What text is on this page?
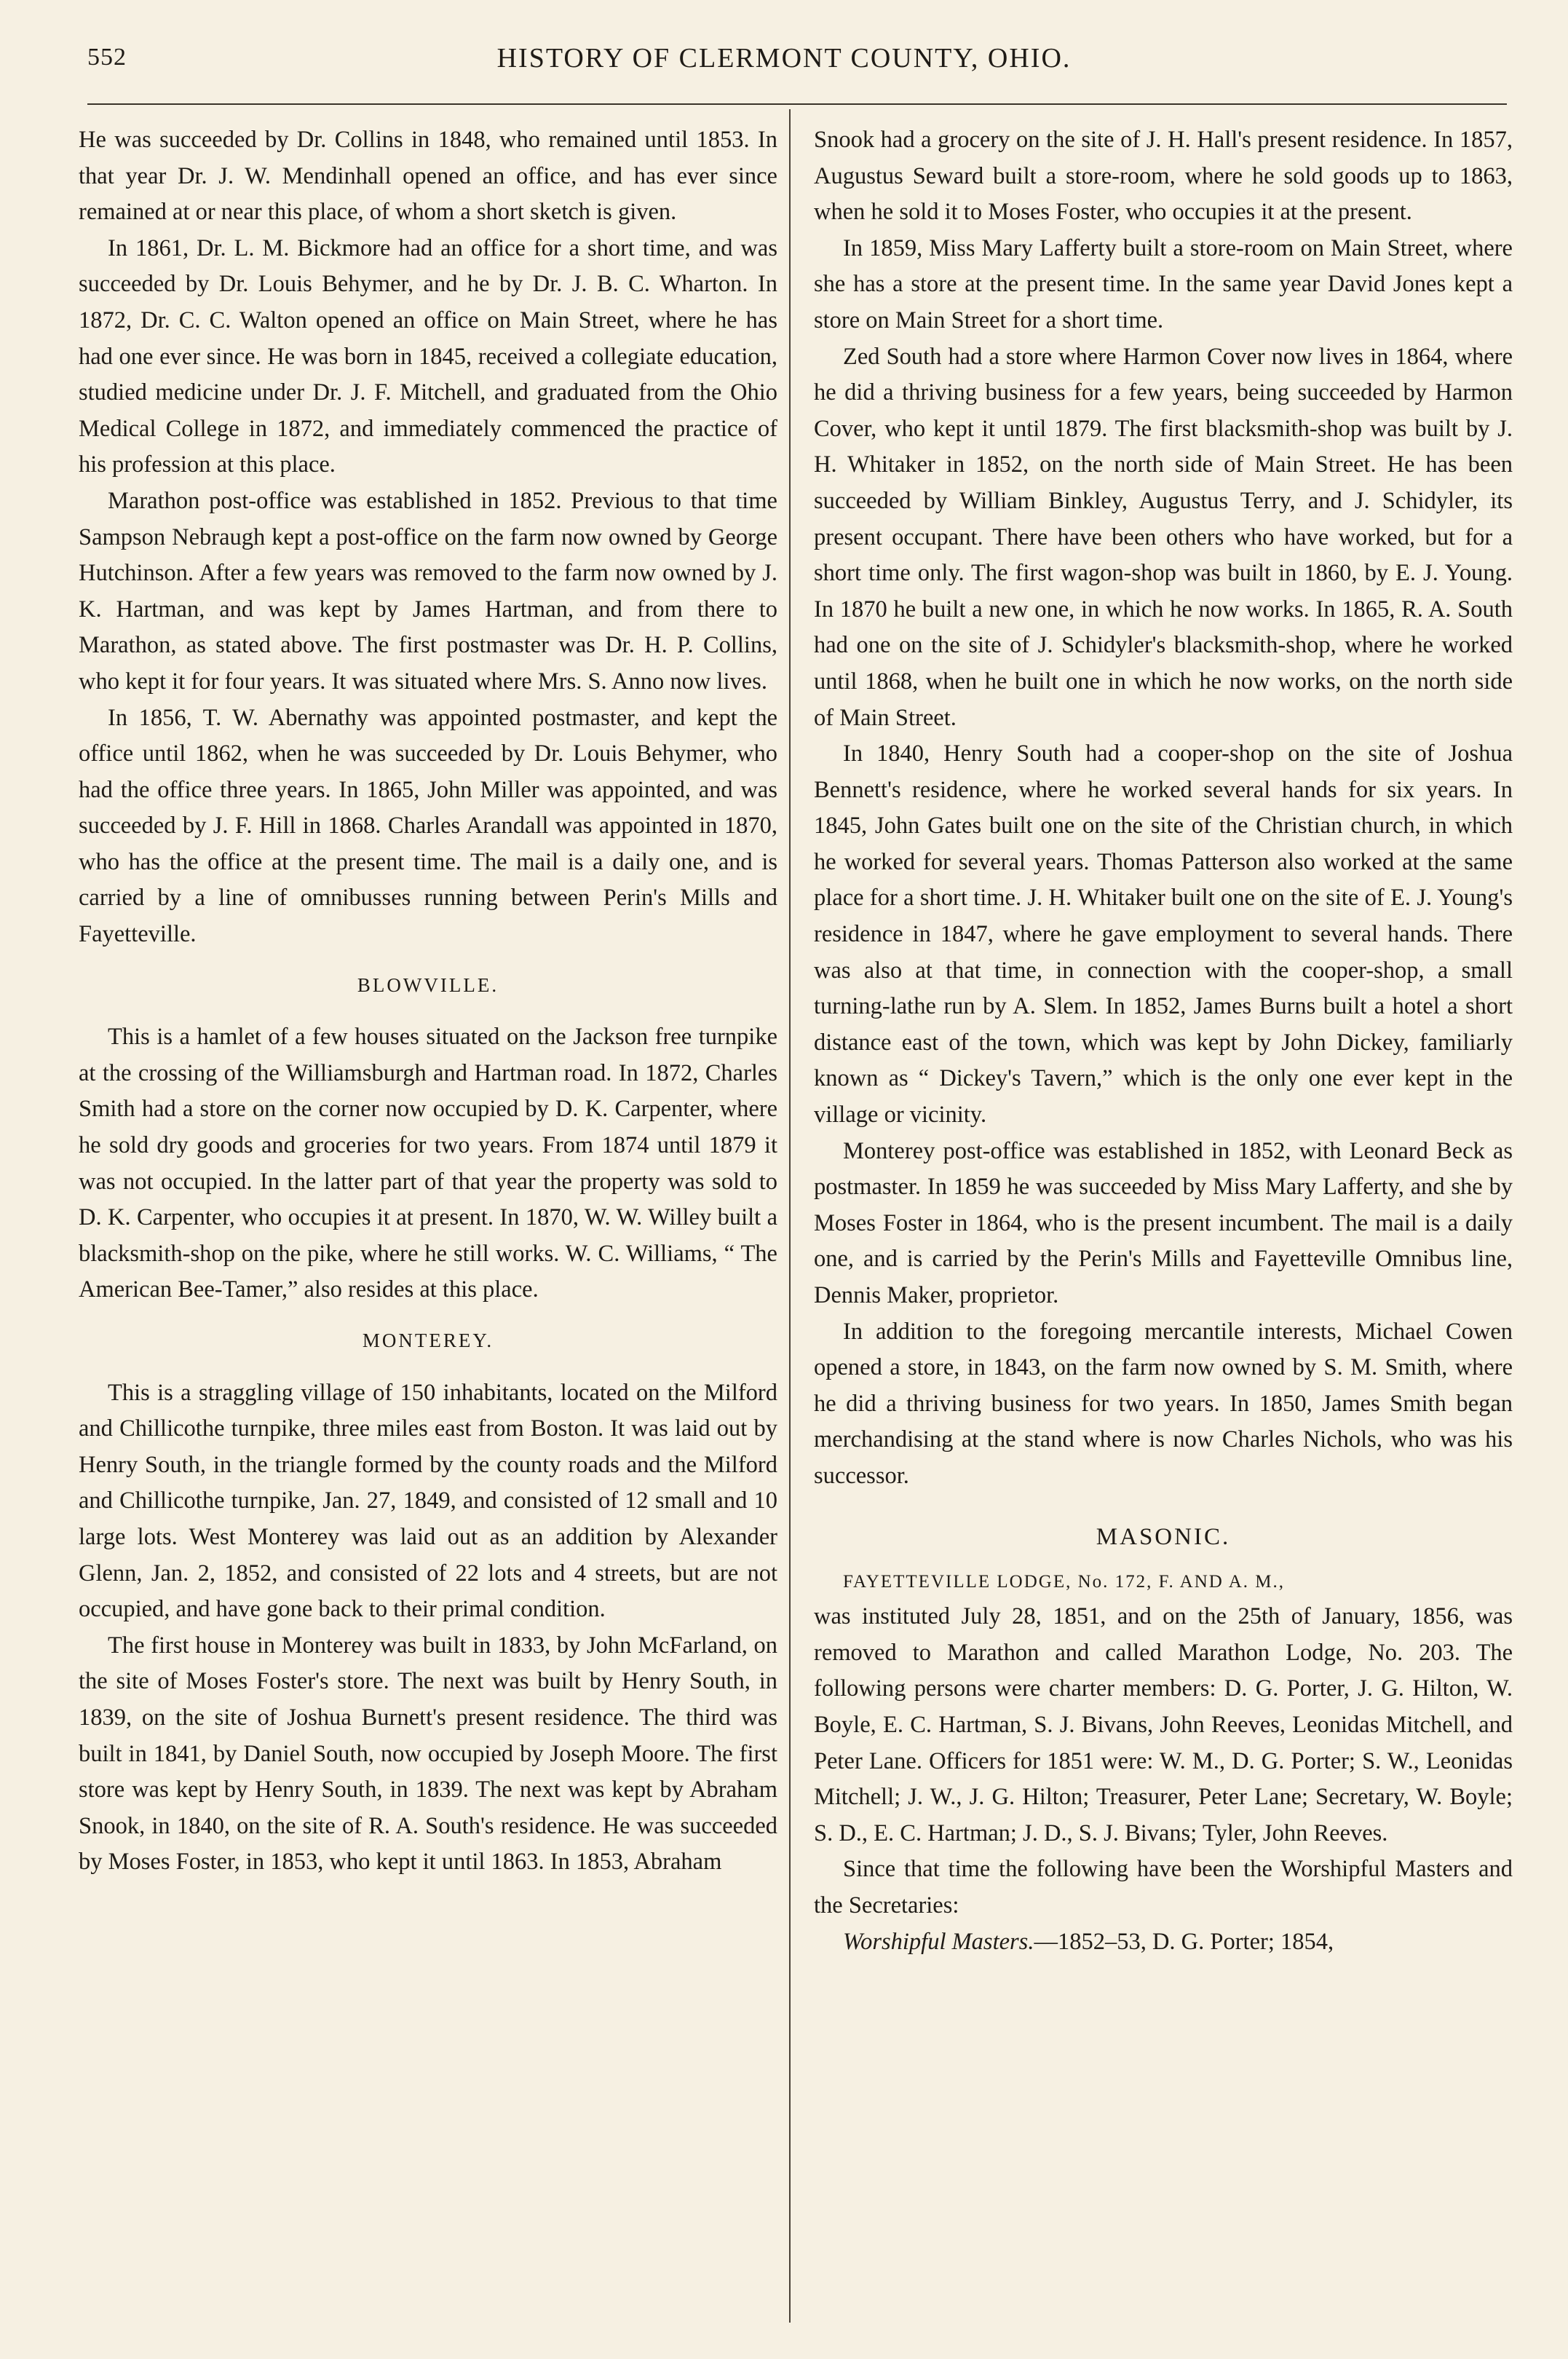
552	HISTORY OF CLERMONT COUNTY, OHIO.

He was succeeded by Dr. Collins in 1848, who remained until 1853. In that year Dr. J. W. Mendinhall opened an office, and has ever since remained at or near this place, of whom a short sketch is given.

In 1861, Dr. L. M. Bickmore had an office for a short time, and was succeeded by Dr. Louis Behymer, and he by Dr. J. B. C. Wharton. In 1872, Dr. C. C. Walton opened an office on Main Street, where he has had one ever since. He was born in 1845, received a collegiate education, studied medicine under Dr. J. F. Mitchell, and graduated from the Ohio Medical College in 1872, and immediately commenced the practice of his profession at this place.

Marathon post-office was established in 1852. Previous to that time Sampson Nebraugh kept a post-office on the farm now owned by George Hutchinson. After a few years was removed to the farm now owned by J. K. Hartman, and was kept by James Hartman, and from there to Marathon, as stated above. The first postmaster was Dr. H. P. Collins, who kept it for four years. It was situated where Mrs. S. Anno now lives.

In 1856, T. W. Abernathy was appointed postmaster, and kept the office until 1862, when he was succeeded by Dr. Louis Behymer, who had the office three years. In 1865, John Miller was appointed, and was succeeded by J. F. Hill in 1868. Charles Arandall was appointed in 1870, who has the office at the present time. The mail is a daily one, and is carried by a line of omnibusses running between Perin's Mills and Fayetteville.

BLOWVILLE.

This is a hamlet of a few houses situated on the Jackson free turnpike at the crossing of the Williamsburgh and Hartman road. In 1872, Charles Smith had a store on the corner now occupied by D. K. Carpenter, where he sold dry goods and groceries for two years. From 1874 until 1879 it was not occupied. In the latter part of that year the property was sold to D. K. Carpenter, who occupies it at present. In 1870, W. W. Willey built a blacksmith-shop on the pike, where he still works. W. C. Williams, “ The American Bee-Tamer,” also resides at this place.

MONTEREY.

This is a straggling village of 150 inhabitants, located on the Milford and Chillicothe turnpike, three miles east from Boston. It was laid out by Henry South, in the triangle formed by the county roads and the Milford and Chillicothe turnpike, Jan. 27, 1849, and consisted of 12 small and 10 large lots. West Monterey was laid out as an addition by Alexander Glenn, Jan. 2, 1852, and consisted of 22 lots and 4 streets, but are not occupied, and have gone back to their primal condition.

The first house in Monterey was built in 1833, by John McFarland, on the site of Moses Foster's store. The next was built by Henry South, in 1839, on the site of Joshua Burnett's present residence. The third was built in 1841, by Daniel South, now occupied by Joseph Moore. The first store was kept by Henry South, in 1839. The next was kept by Abraham Snook, in 1840, on the site of R. A. South's residence. He was succeeded by Moses Foster, in 1853, who kept it until 1863. In 1853, Abraham

Snook had a grocery on the site of J. H. Hall's present residence. In 1857, Augustus Seward built a store-room, where he sold goods up to 1863, when he sold it to Moses Foster, who occupies it at the present.

In 1859, Miss Mary Lafferty built a store-room on Main Street, where she has a store at the present time. In the same year David Jones kept a store on Main Street for a short time.

Zed South had a store where Harmon Cover now lives in 1864, where he did a thriving business for a few years, being succeeded by Harmon Cover, who kept it until 1879. The first blacksmith-shop was built by J. H. Whitaker in 1852, on the north side of Main Street. He has been succeeded by William Binkley, Augustus Terry, and J. Schidyler, its present occupant. There have been others who have worked, but for a short time only. The first wagon-shop was built in 1860, by E. J. Young. In 1870 he built a new one, in which he now works. In 1865, R. A. South had one on the site of J. Schidyler's blacksmith-shop, where he worked until 1868, when he built one in which he now works, on the north side of Main Street.

In 1840, Henry South had a cooper-shop on the site of Joshua Bennett's residence, where he worked several hands for six years. In 1845, John Gates built one on the site of the Christian church, in which he worked for several years. Thomas Patterson also worked at the same place for a short time. J. H. Whitaker built one on the site of E. J. Young's residence in 1847, where he gave employment to several hands. There was also at that time, in connection with the cooper-shop, a small turning-lathe run by A. Slem. In 1852, James Burns built a hotel a short distance east of the town, which was kept by John Dickey, familiarly known as “ Dickey's Tavern,” which is the only one ever kept in the village or vicinity.

Monterey post-office was established in 1852, with Leonard Beck as postmaster. In 1859 he was succeeded by Miss Mary Lafferty, and she by Moses Foster in 1864, who is the present incumbent. The mail is a daily one, and is carried by the Perin's Mills and Fayetteville Omnibus line, Dennis Maker, proprietor.

In addition to the foregoing mercantile interests, Michael Cowen opened a store, in 1843, on the farm now owned by S. M. Smith, where he did a thriving business for two years. In 1850, James Smith began merchandising at the stand where is now Charles Nichols, who was his successor.

MASONIC.

FAYETTEVILLE LODGE, No. 172, F. AND A. M.,

was instituted July 28, 1851, and on the 25th of January, 1856, was removed to Marathon and called Marathon Lodge, No. 203. The following persons were charter members: D. G. Porter, J. G. Hilton, W. Boyle, E. C. Hartman, S. J. Bivans, John Reeves, Leonidas Mitchell, and Peter Lane. Officers for 1851 were: W. M., D. G. Porter; S. W., Leonidas Mitchell; J. W., J. G. Hilton; Treasurer, Peter Lane; Secretary, W. Boyle; S. D., E. C. Hartman; J. D., S. J. Bivans; Tyler, John Reeves.

Since that time the following have been the Worshipful Masters and the Secretaries:

Worshipful Masters.—1852–53, D. G. Porter; 1854,
